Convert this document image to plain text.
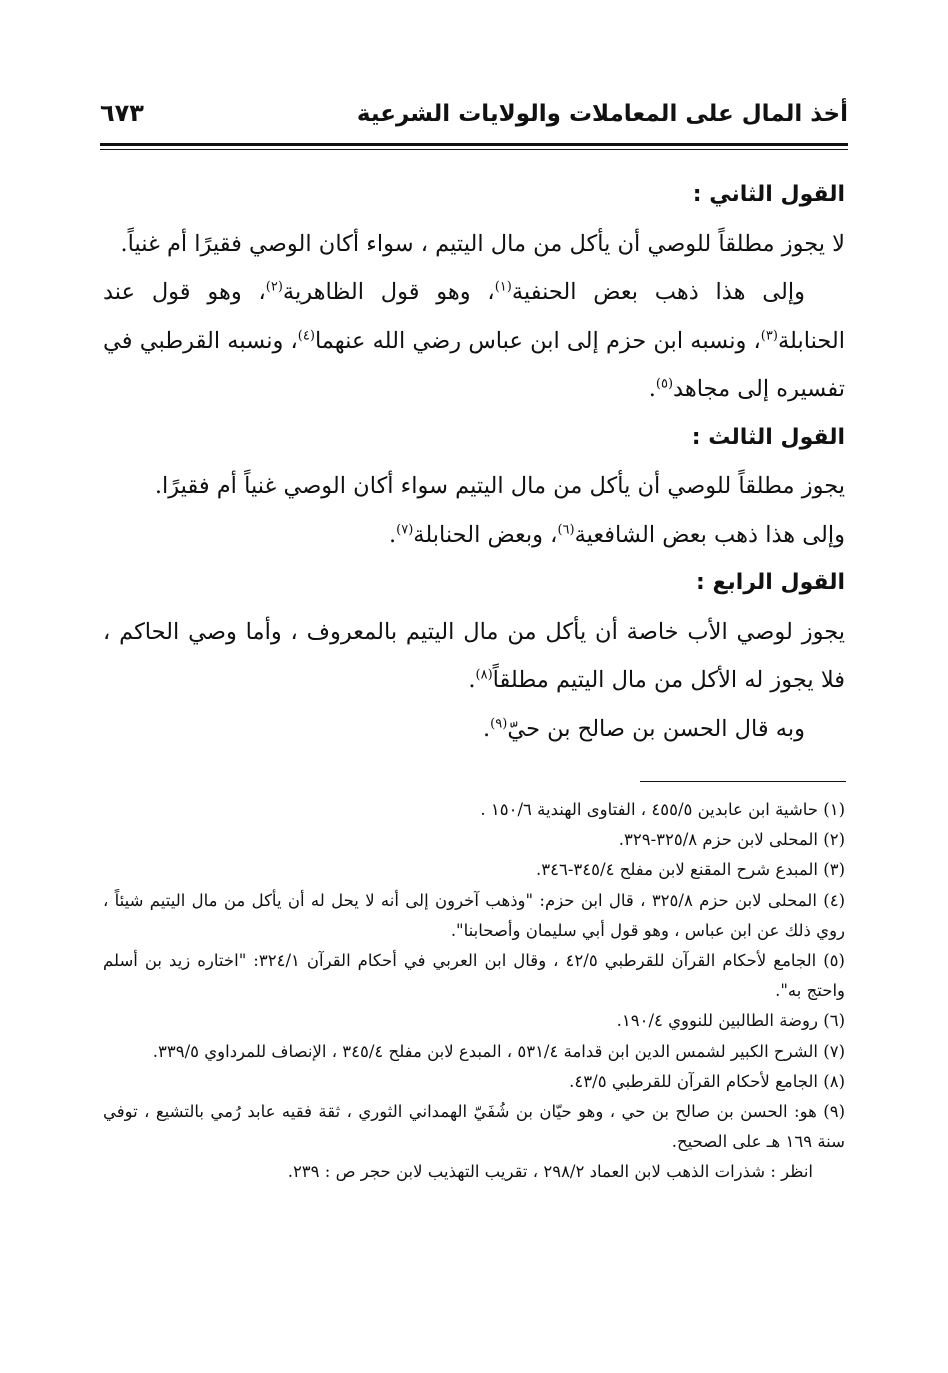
أخذ المال على المعاملات والولايات الشرعية
٦٧٣

القول الثاني :

لا يجوز مطلقاً للوصي أن يأكل من مال اليتيم ، سواء أكان الوصي فقيرًا أم غنياً.

وإلى هذا ذهب بعض الحنفية$^{(١)}$، وهو قول الظاهرية$^{(٢)}$، وهو قول عند الحنابلة$^{(٣)}$، ونسبه ابن حزم إلى ابن عباس رضي الله عنهما$^{(٤)}$، ونسبه القرطبي في تفسيره إلى مجاهد$^{(٥)}$.

القول الثالث :

يجوز مطلقاً للوصي أن يأكل من مال اليتيم سواء أكان الوصي غنياً أم فقيرًا.

وإلى هذا ذهب بعض الشافعية$^{(٦)}$، وبعض الحنابلة$^{(٧)}$.

القول الرابع :

يجوز لوصي الأب خاصة أن يأكل من مال اليتيم بالمعروف ، وأما وصي الحاكم ، فلا يجوز له الأكل من مال اليتيم مطلقاً$^{(٨)}$.

وبه قال الحسن بن صالح بن حيّ$^{(٩)}$.

(١) حاشية ابن عابدين ٤٥٥/٥ ، الفتاوى الهندية ١٥٠/٦ .

(٢) المحلى لابن حزم ٣٢٥/٨-٣٢٩.

(٣) المبدع شرح المقنع لابن مفلح ٣٤٥/٤-٣٤٦.

(٤) المحلى لابن حزم ٣٢٥/٨ ، قال ابن حزم: "وذهب آخرون إلى أنه لا يحل له أن يأكل من مال اليتيم شيئاً ، روي ذلك عن ابن عباس ، وهو قول أبي سليمان وأصحابنا".

(٥) الجامع لأحكام القرآن للقرطبي ٤٢/٥ ، وقال ابن العربي في أحكام القرآن ٣٢٤/١: "اختاره زيد بن أسلم واحتج به".

(٦) روضة الطالبين للنووي ١٩٠/٤.

(٧) الشرح الكبير لشمس الدين ابن قدامة ٥٣١/٤ ، المبدع لابن مفلح ٣٤٥/٤ ، الإنصاف للمرداوي ٣٣٩/٥.

(٨) الجامع لأحكام القرآن للقرطبي ٤٣/٥.

(٩) هو: الحسن بن صالح بن حي ، وهو حيّان بن شُفَيّ الهمداني الثوري ، ثقة فقيه عابد رُمي بالتشيع ، توفي سنة ١٦٩ هـ على الصحيح.

انظر : شذرات الذهب لابن العماد ٢٩٨/٢ ، تقريب التهذيب لابن حجر ص : ٢٣٩.
